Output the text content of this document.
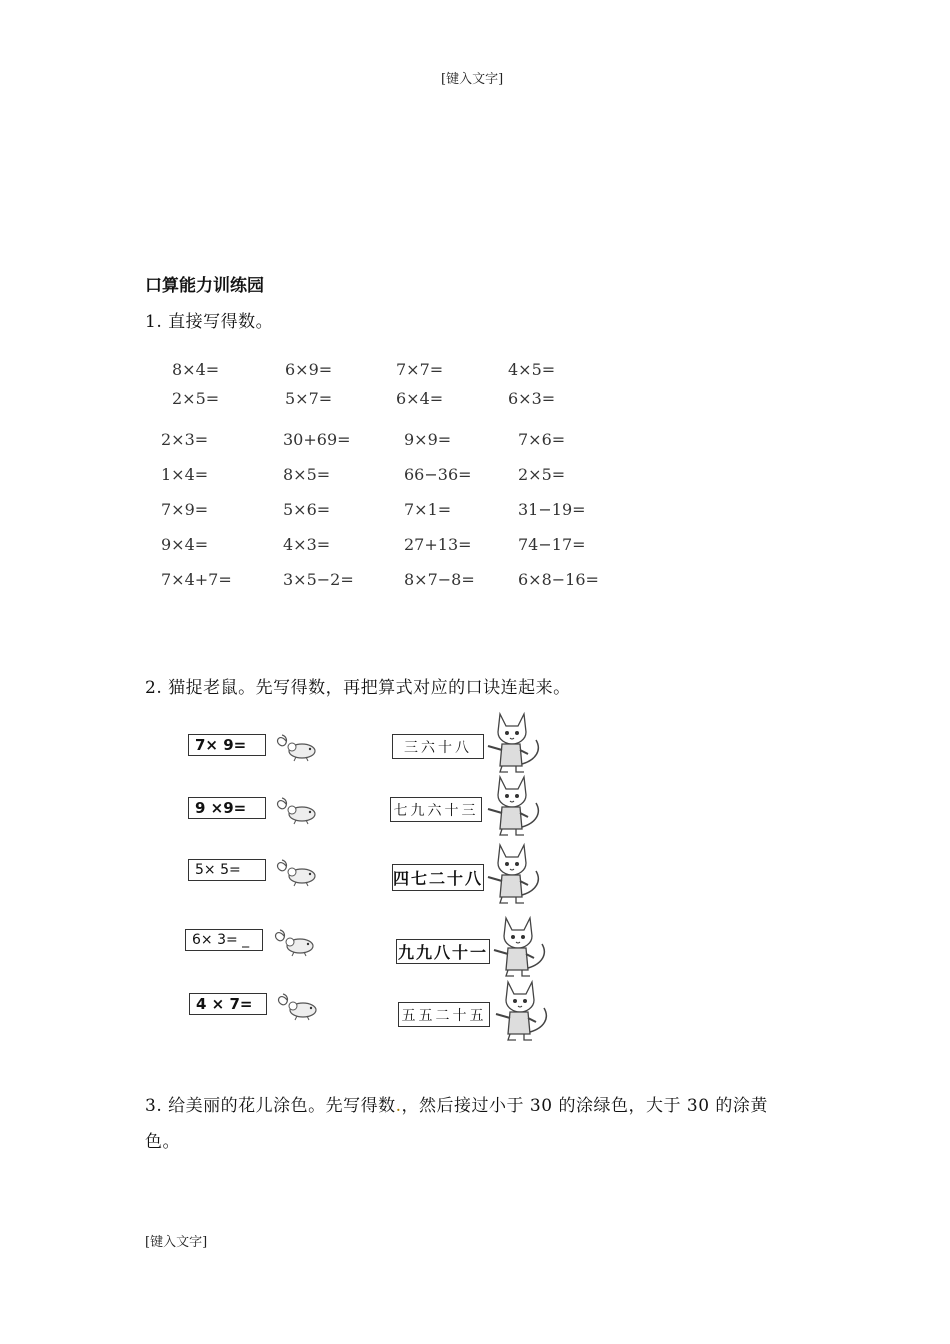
[键入文字]
口算能力训练园
1. 直接写得数。
8×4=	6×9=	7×7=	4×5=
2×5=	5×7=	6×4=	6×3=
2×3=	30+69=	9×9=	7×6=
1×4=	8×5=	66−36=	2×5=
7×9=	5×6=	7×1=	31−19=
9×4=	4×3=	27+13=	74−17=
7×4+7=	3×5−2=	8×7−8=	6×8−16=
2. 猫捉老鼠。先写得数，再把算式对应的口诀连起来。
7× 9=
9 ×9=
5× 5=
6× 3= _
4 × 7=
三六十八
七九六十三
四七二十八
九九八十一
五五二十五
3. 给美丽的花儿涂色。先写得数.，然后接过小于 30 的涂绿色，大于 30 的涂黄
色。
[键入文字]
